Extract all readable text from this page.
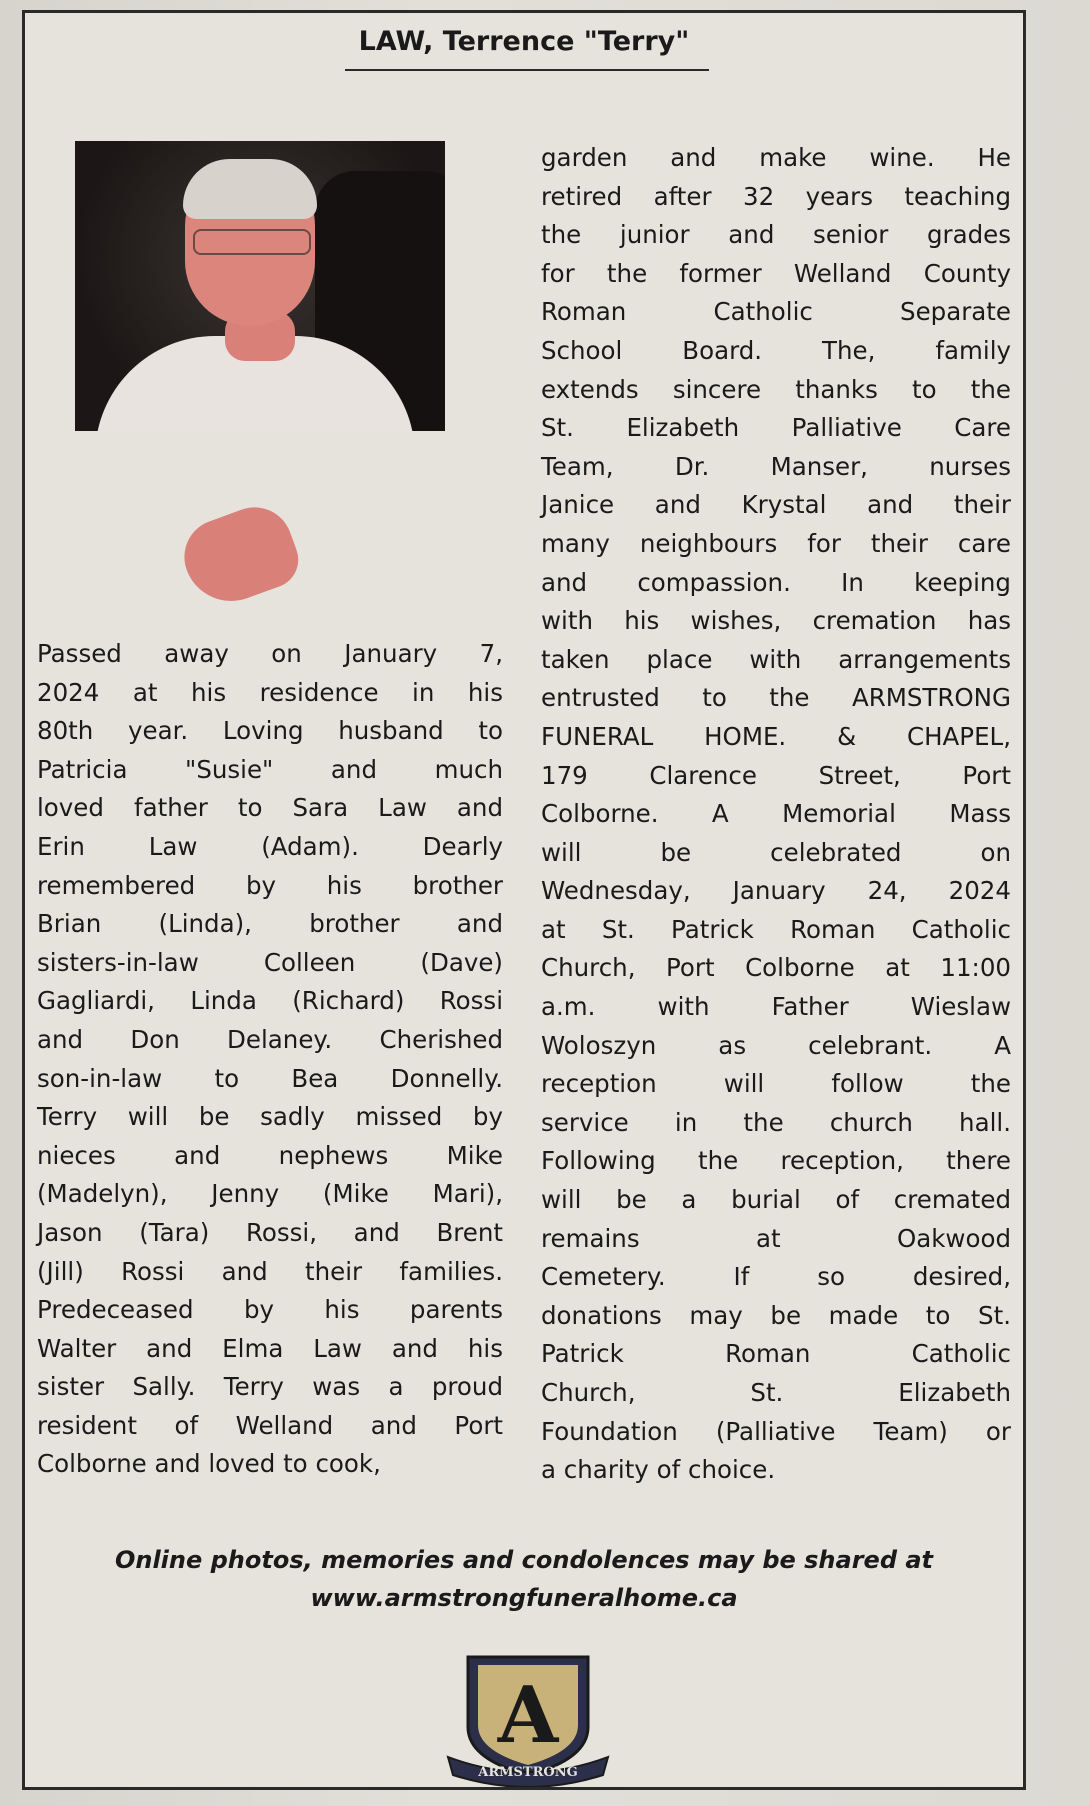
LAW, Terrence "Terry"
Passed away on January 7,
2024 at his residence in his
80th year. Loving husband to
Patricia "Susie" and much
loved father to Sara Law and
Erin Law (Adam). Dearly
remembered by his brother
Brian (Linda), brother and
sisters-in-law Colleen (Dave)
Gagliardi, Linda (Richard) Rossi
and Don Delaney. Cherished
son-in-law to Bea Donnelly.
Terry will be sadly missed by
nieces and nephews Mike
(Madelyn), Jenny (Mike Mari),
Jason (Tara) Rossi, and Brent
(Jill) Rossi and their families.
Predeceased by his parents
Walter and Elma Law and his
sister Sally. Terry was a proud
resident of Welland and Port
Colborne and loved to cook,
garden and make wine. He
retired after 32 years teaching
the junior and senior grades
for the former Welland County
Roman Catholic Separate
School Board. The, family
extends sincere thanks to the
St. Elizabeth Palliative Care
Team, Dr. Manser, nurses
Janice and Krystal and their
many neighbours for their care
and compassion. In keeping
with his wishes, cremation has
taken place with arrangements
entrusted to the ARMSTRONG
FUNERAL HOME. & CHAPEL,
179 Clarence Street, Port
Colborne. A Memorial Mass
will be celebrated on
Wednesday, January 24, 2024
at St. Patrick Roman Catholic
Church, Port Colborne at 11:00
a.m. with Father Wieslaw
Woloszyn as celebrant. A
reception will follow the
service in the church hall.
Following the reception, there
will be a burial of cremated
remains at Oakwood
Cemetery. If so desired,
donations may be made to St.
Patrick Roman Catholic
Church, St. Elizabeth
Foundation (Palliative Team) or
a charity of choice.
Online photos, memories and condolences may be shared at
www.armstrongfuneralhome.ca
A
ARMSTRONG
